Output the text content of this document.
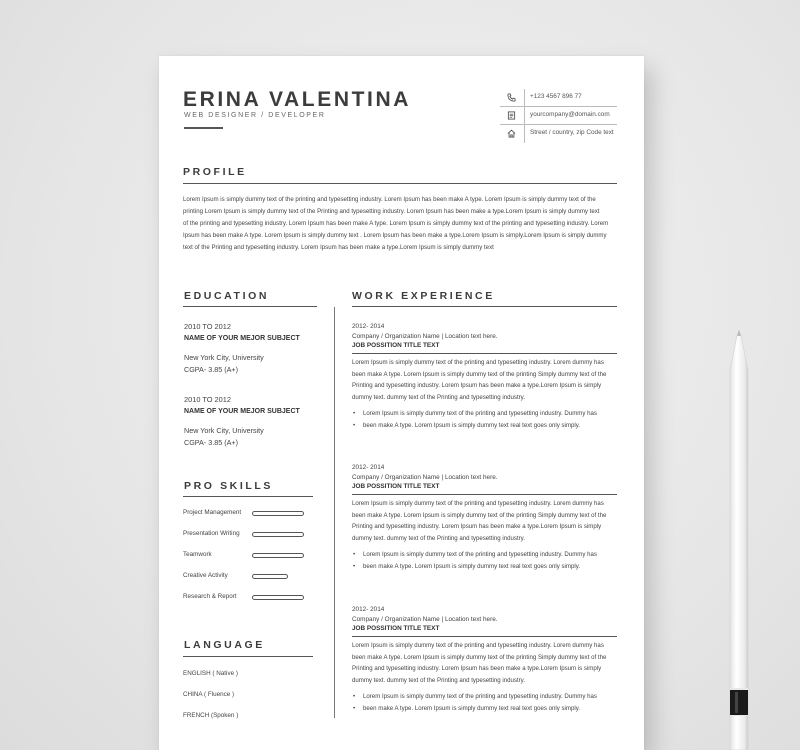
ERINA VALENTINA
WEB DESIGNER / DEVELOPER
+123 4567 896 77
yourcompany@domain.com
Street / country, zip Code text
PROFILE
Lorem Ipsum is simply dummy text of the printing and typesetting industry. Lorem Ipsum has been make A type. Lorem Ipsum is simply dummy text of the
printing Lorem Ipsum is simply dummy text of the Printing and typesetting industry. Lorem Ipsum has been make a type.Lorem Ipsum is simply dummy text
of the printing and typesetting industry. Lorem Ipsum has been make A type. Lorem Ipsum is simply dummy text of the printing and typesetting industry. Lorem
Ipsum has been make A type. Lorem Ipsum is simply dummy text . Lorem Ipsum has been make a type.Lorem Ipsum is simply.Lorem Ipsum is simply dummy
text of the Printing and typesetting industry. Lorem Ipsum has been make a type.Lorem Ipsum is simply dummy text
EDUCATION
2010 TO 2012
NAME OF YOUR MEJOR SUBJECT
New York City, University
CGPA- 3.85 (A+)
2010 TO 2012
NAME OF YOUR MEJOR SUBJECT
New York City, University
CGPA- 3.85 (A+)
PRO SKILLS
LANGUAGE
ENGLISH ( Native )
CHINA ( Fluence )
FRENCH (Spoken )
WORK EXPERIENCE
2012- 2014
Company / Organization Name | Location text here.
JOB POSSITION TITLE TEXT
Lorem Ipsum is simply dummy text of the printing and typesetting industry. Lorem dummy has
been make A type. Lorem Ipsum is simply dummy text of the printing Simply dummy text of the
Printing and typesetting industry. Lorem Ipsum has been make a type.Lorem Ipsum is simply
dummy text. dummy text of the Printing and typesetting industry.
• Lorem Ipsum is simply dummy text of the printing and typesetting industry. Dummy has
• been make A type. Lorem Ipsum is simply dummy text real text goes only simply.
2012- 2014
Company / Organization Name | Location text here.
JOB POSSITION TITLE TEXT
Lorem Ipsum is simply dummy text of the printing and typesetting industry. Lorem dummy has
been make A type. Lorem Ipsum is simply dummy text of the printing Simply dummy text of the
Printing and typesetting industry. Lorem Ipsum has been make a type.Lorem Ipsum is simply
dummy text. dummy text of the Printing and typesetting industry.
• Lorem Ipsum is simply dummy text of the printing and typesetting industry. Dummy has
• been make A type. Lorem Ipsum is simply dummy text real text goes only simply.
2012- 2014
Company / Organization Name | Location text here.
JOB POSSITION TITLE TEXT
Lorem Ipsum is simply dummy text of the printing and typesetting industry. Lorem dummy has
been make A type. Lorem Ipsum is simply dummy text of the printing Simply dummy text of the
Printing and typesetting industry. Lorem Ipsum has been make a type.Lorem Ipsum is simply
dummy text. dummy text of the Printing and typesetting industry.
• Lorem Ipsum is simply dummy text of the printing and typesetting industry. Dummy has
• been make A type. Lorem Ipsum is simply dummy text real text goes only simply.
Project Management
Presentation Writing
Teamwork
Creative Activity
Research & Report
